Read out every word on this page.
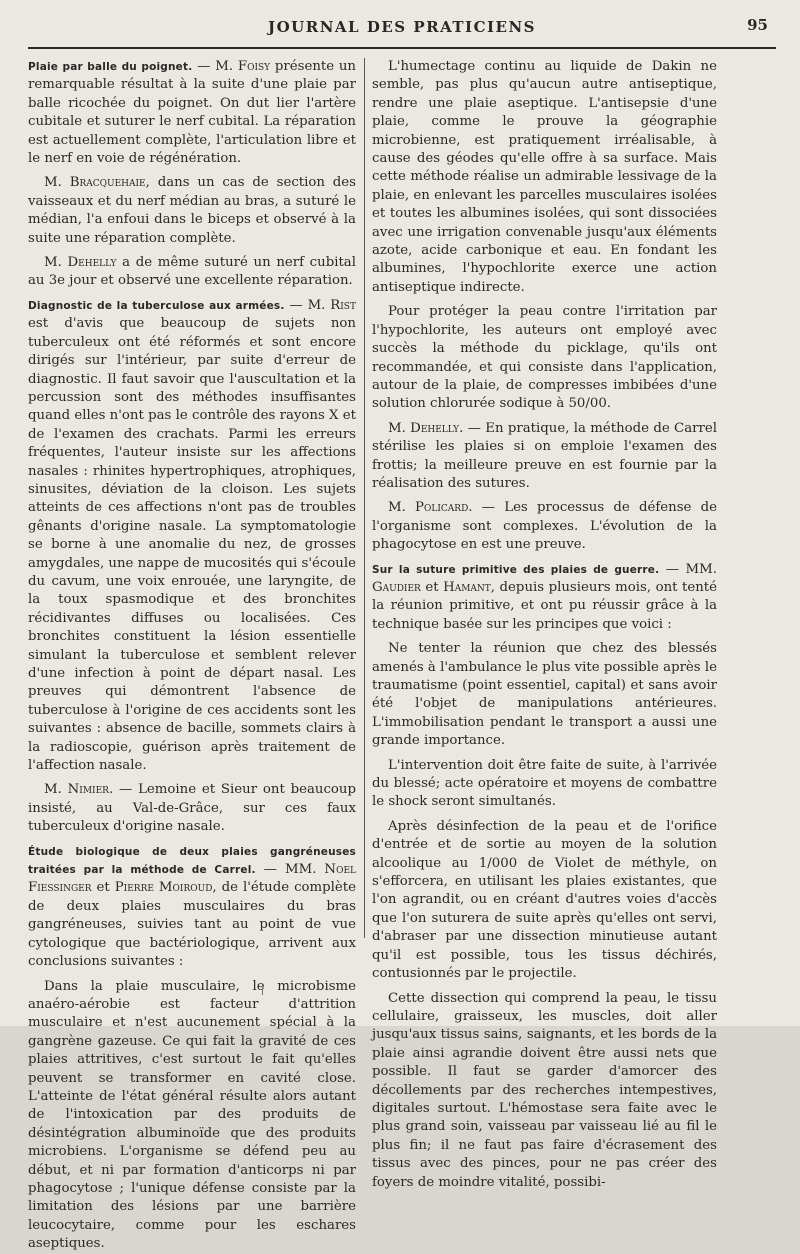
JOURNAL DES PRATICIENS	95

Plaie par balle du poignet. — M. Foisy présente un remarquable résultat à la suite d'une plaie par balle ricochée du poignet. On dut lier l'artère cubitale et suturer le nerf cubital. La réparation est actuellement complète, l'articulation libre et le nerf en voie de régénération.

M. Bracquehaie, dans un cas de section des vaisseaux et du nerf médian au bras, a suturé le médian, l'a enfoui dans le biceps et observé à la suite une réparation complète.

M. Dehelly a de même suturé un nerf cubital au 3e jour et observé une excellente réparation.

Diagnostic de la tuberculose aux armées. — M. Rist est d'avis que beaucoup de sujets non tuberculeux ont été réformés et sont encore dirigés sur l'intérieur, par suite d'erreur de diagnostic. Il faut savoir que l'auscultation et la percussion sont des méthodes insuffisantes quand elles n'ont pas le contrôle des rayons X et de l'examen des crachats. Parmi les erreurs fréquentes, l'auteur insiste sur les affections nasales : rhinites hypertrophiques, atrophiques, sinusites, déviation de la cloison. Les sujets atteints de ces affections n'ont pas de troubles gênants d'origine nasale. La symptomatologie se borne à une anomalie du nez, de grosses amygdales, une nappe de mucosités qui s'écoule du cavum, une voix enrouée, une laryngite, de la toux spasmodique et des bronchites récidivantes diffuses ou localisées. Ces bronchites constituent la lésion essentielle simulant la tuberculose et semblent relever d'une infection à point de départ nasal. Les preuves qui démontrent l'absence de tuberculose à l'origine de ces accidents sont les suivantes : absence de bacille, sommets clairs à la radioscopie, guérison après traitement de l'affection nasale.

M. Nimier. — Lemoine et Sieur ont beaucoup insisté, au Val-de-Grâce, sur ces faux tuberculeux d'origine nasale.

Étude biologique de deux plaies gangréneuses traitées par la méthode de Carrel. — MM. Noel Fiessinger et Pierre Moiroud, de l'étude complète de deux plaies musculaires du bras gangréneuses, suivies tant au point de vue cytologique que bactériologique, arrivent aux conclusions suivantes :

Dans la plaie musculaire, le microbisme anaéro-aérobie est facteur d'attrition musculaire et n'est aucunement spécial à la gangrène gazeuse. Ce qui fait la gravité de ces plaies attritives, c'est surtout le fait qu'elles peuvent se transformer en cavité close. L'atteinte de l'état général résulte alors autant de l'intoxication par des produits de désintégration albuminoïde que des produits microbiens. L'organisme se défend peu au début, et ni par formation d'anticorps ni par phagocytose ; l'unique défense consiste par la limitation des lésions par une barrière leucocytaire, comme pour les eschares aseptiques.

L'humectage continu au liquide de Dakin ne semble, pas plus qu'aucun autre antiseptique, rendre une plaie aseptique. L'antisepsie d'une plaie, comme le prouve la géographie microbienne, est pratiquement irréalisable, à cause des géodes qu'elle offre à sa surface. Mais cette méthode réalise un admirable lessivage de la plaie, en enlevant les parcelles musculaires isolées et toutes les albumines isolées, qui sont dissociées avec une irrigation convenable jusqu'aux éléments azote, acide carbonique et eau. En fondant les albumines, l'hypochlorite exerce une action antiseptique indirecte.

Pour protéger la peau contre l'irritation par l'hypochlorite, les auteurs ont employé avec succès la méthode du picklage, qu'ils ont recommandée, et qui consiste dans l'application, autour de la plaie, de compresses imbibées d'une solution chlorurée sodique à 50/00.

M. Dehelly. — En pratique, la méthode de Carrel stérilise les plaies si on emploie l'examen des frottis; la meilleure preuve en est fournie par la réalisation des sutures.

M. Policard. — Les processus de défense de l'organisme sont complexes. L'évolution de la phagocytose en est une preuve.

Sur la suture primitive des plaies de guerre. — MM. Gaudier et Hamant, depuis plusieurs mois, ont tenté la réunion primitive, et ont pu réussir grâce à la technique basée sur les principes que voici :

Ne tenter la réunion que chez des blessés amenés à l'ambulance le plus vite possible après le traumatisme (point essentiel, capital) et sans avoir été l'objet de manipulations antérieures. L'immobilisation pendant le transport a aussi une grande importance.

L'intervention doit être faite de suite, à l'arrivée du blessé; acte opératoire et moyens de combattre le shock seront simultanés.

Après désinfection de la peau et de l'orifice d'entrée et de sortie au moyen de la solution alcoolique au 1/000 de Violet de méthyle, on s'efforcera, en utilisant les plaies existantes, que l'on agrandit, ou en créant d'autres voies d'accès que l'on suturera de suite après qu'elles ont servi, d'abraser par une dissection minutieuse autant qu'il est possible, tous les tissus déchirés, contusionnés par le projectile.

Cette dissection qui comprend la peau, le tissu cellulaire, graisseux, les muscles, doit aller jusqu'aux tissus sains, saignants, et les bords de la plaie ainsi agrandie doivent être aussi nets que possible. Il faut se garder d'amorcer des décollements par des recherches intempestives, digitales surtout. L'hémostase sera faite avec le plus grand soin, vaisseau par vaisseau lié au fil le plus fin; il ne faut pas faire d'écrasement des tissus avec des pinces, pour ne pas créer des foyers de moindre vitalité, possibi-
